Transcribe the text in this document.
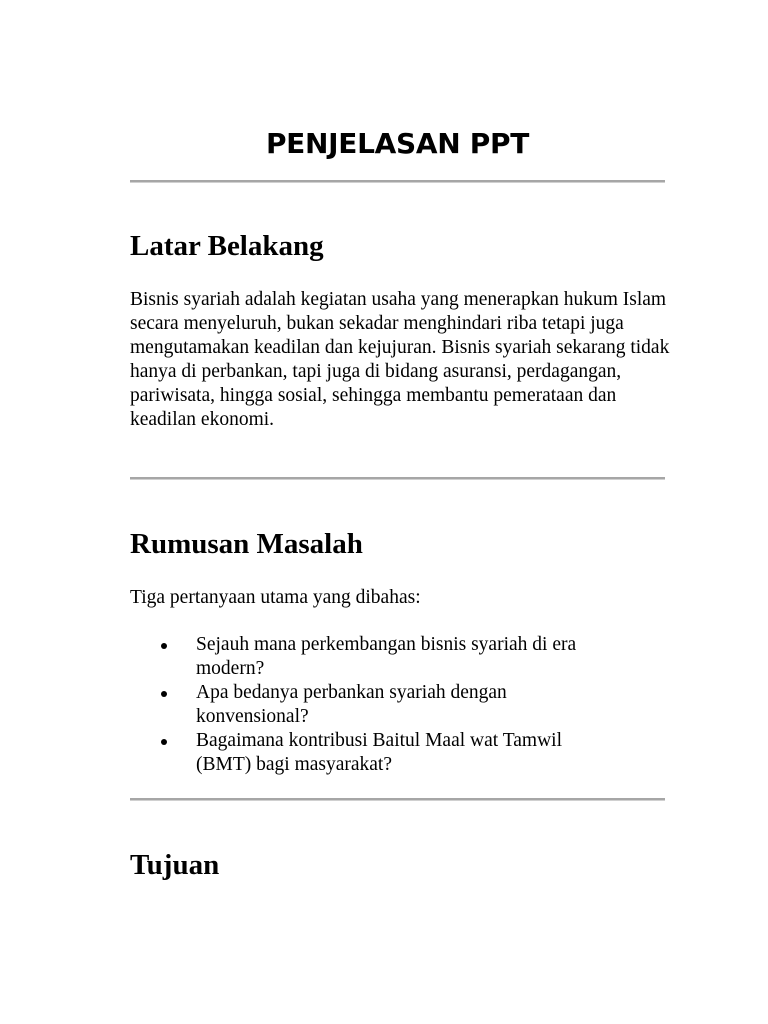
PENJELASAN PPT
Latar Belakang

Bisnis syariah adalah kegiatan usaha yang menerapkan hukum Islam secara menyeluruh, bukan sekadar menghindari riba tetapi juga mengutamakan keadilan dan kejujuran. Bisnis syariah sekarang tidak hanya di perbankan, tapi juga di bidang asuransi, perdagangan, pariwisata, hingga sosial, sehingga membantu pemerataan dan keadilan ekonomi.

Rumusan Masalah

Tiga pertanyaan utama yang dibahas:

Sejauh mana perkembangan bisnis syariah di era modern?
Apa bedanya perbankan syariah dengan konvensional?
Bagaimana kontribusi Baitul Maal wat Tamwil (BMT) bagi masyarakat?
Tujuan
